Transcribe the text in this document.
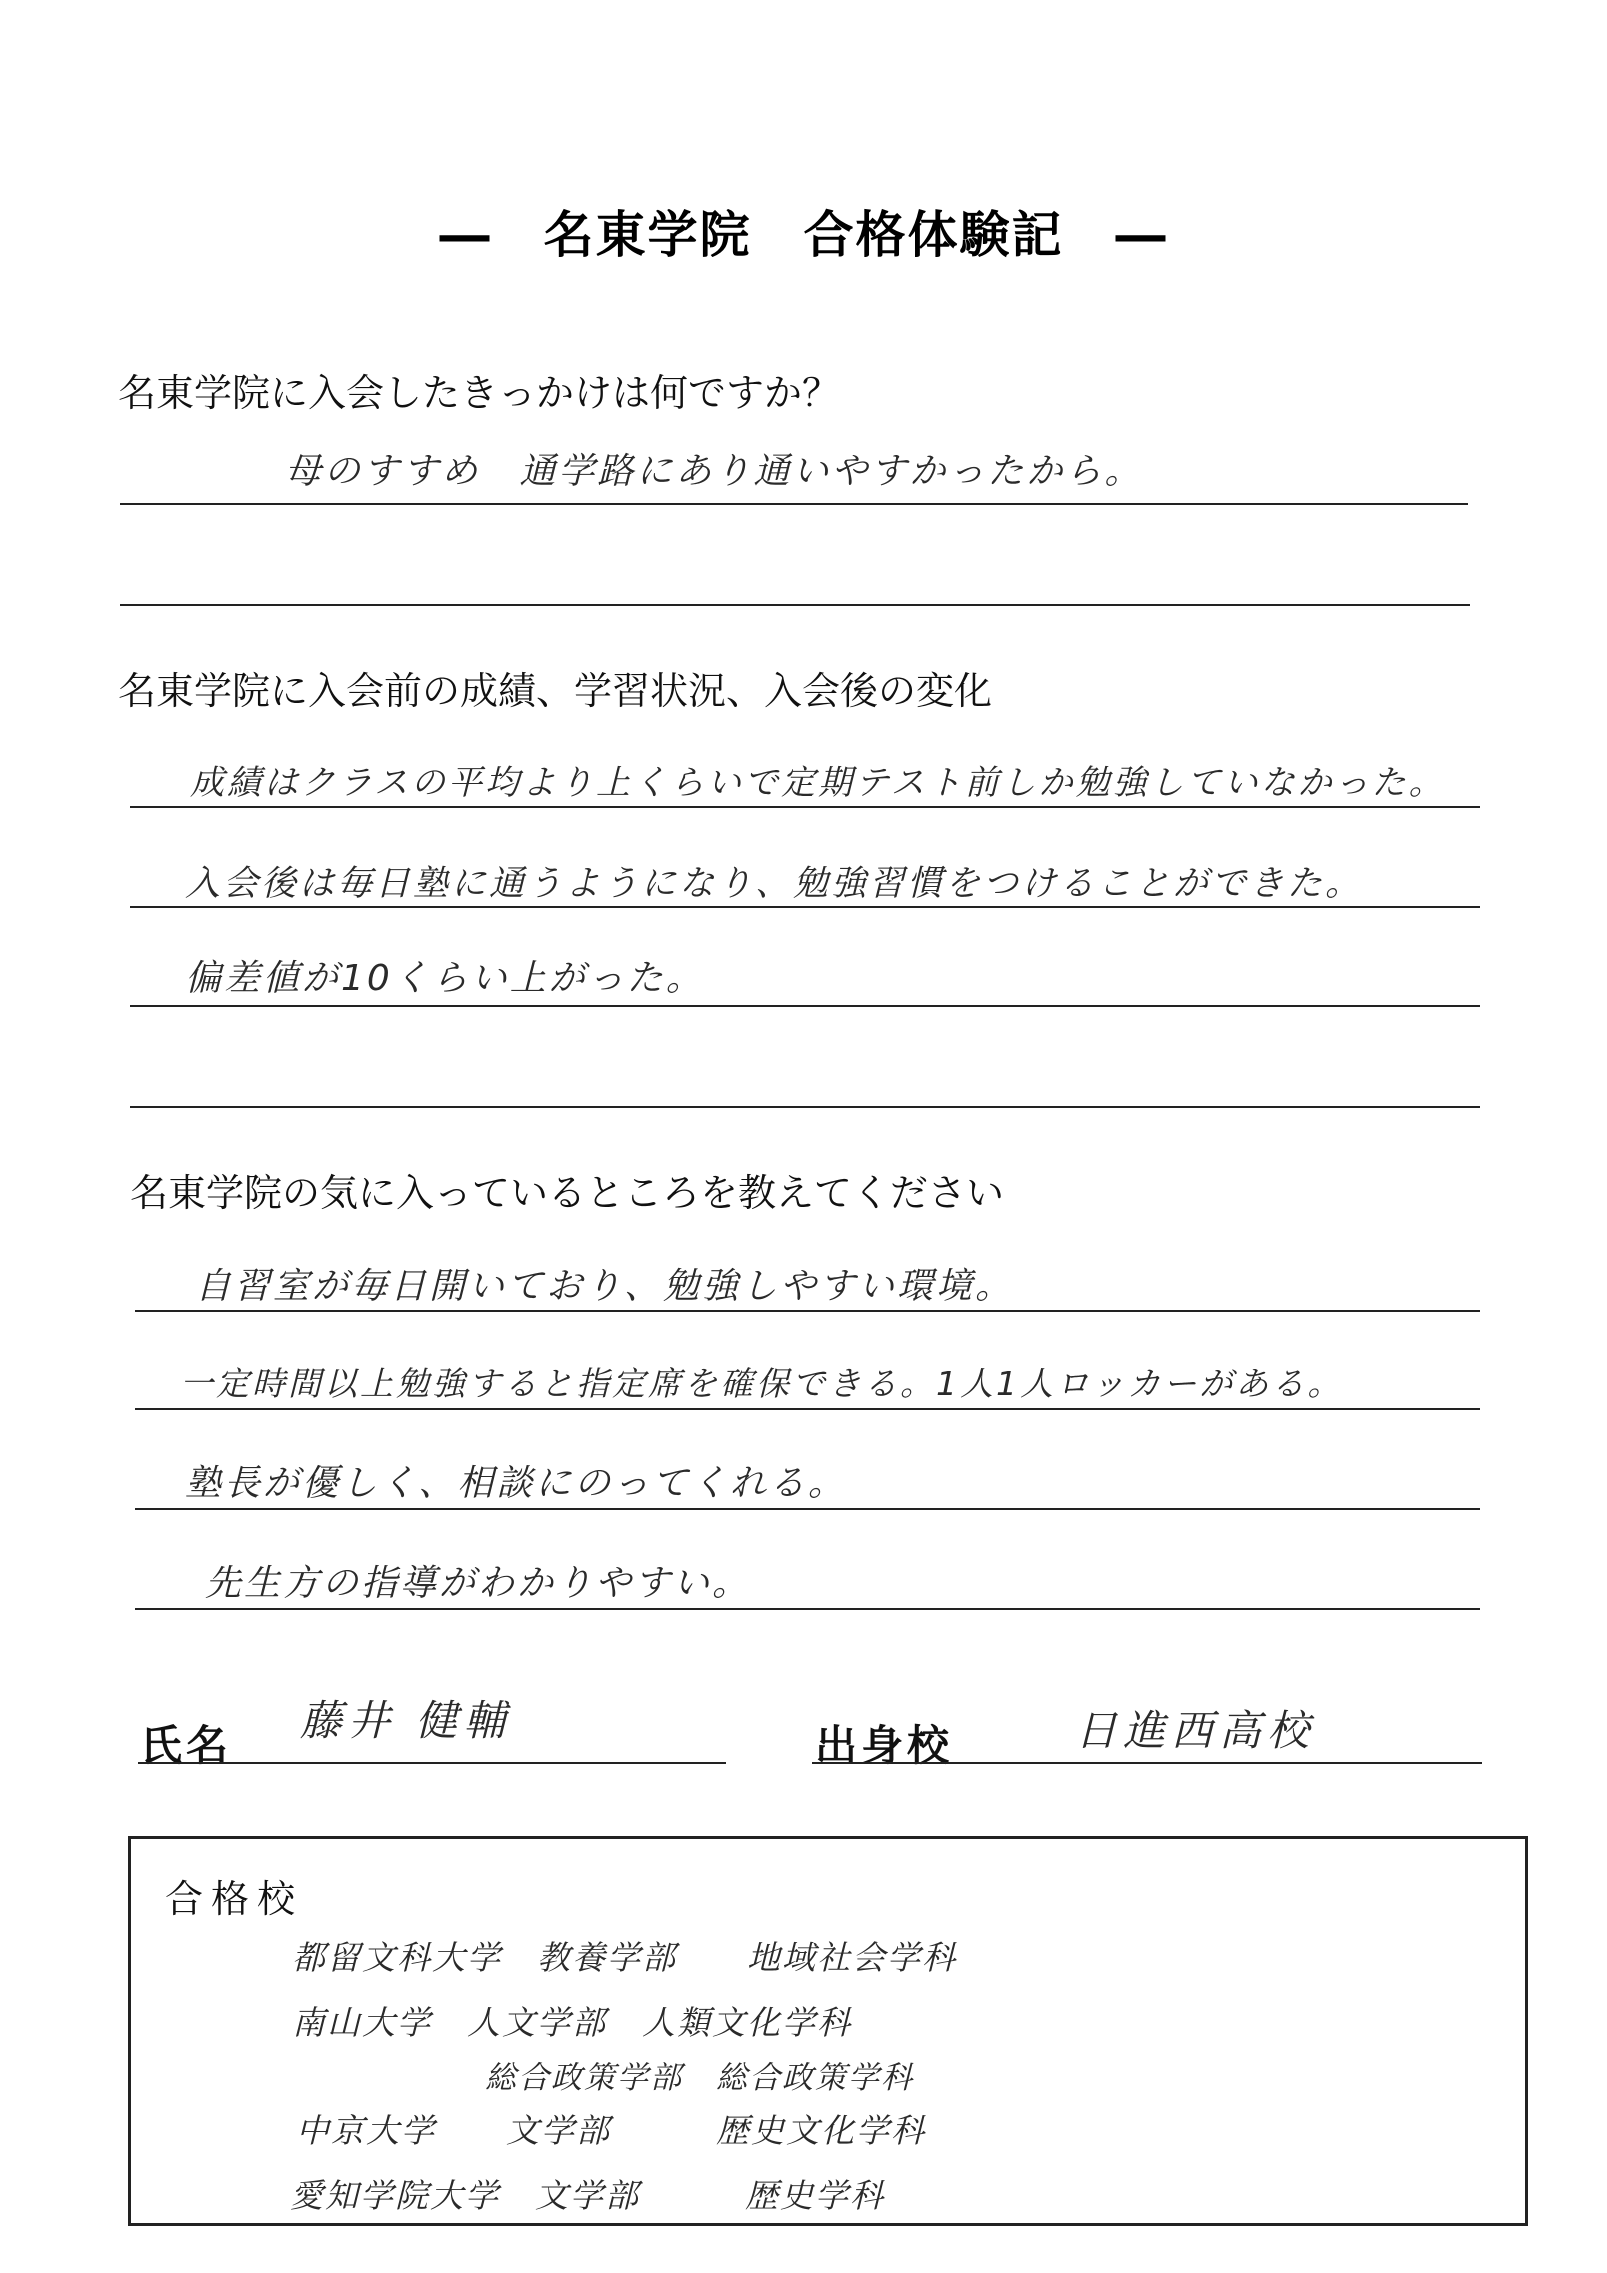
―　名東学院　合格体験記　―
名東学院に入会したきっかけは何ですか？
母のすすめ　通学路にあり通いやすかったから。
名東学院に入会前の成績、学習状況、入会後の変化
成績はクラスの平均より上くらいで定期テスト前しか勉強していなかった。
入会後は毎日塾に通うようになり、勉強習慣をつけることができた。
偏差値が10くらい上がった。
名東学院の気に入っているところを教えてください
自習室が毎日開いており、勉強しやすい環境。
一定時間以上勉強すると指定席を確保できる。1人1人ロッカーがある。
塾長が優しく、相談にのってくれる。
先生方の指導がわかりやすい。
氏名
藤井 健輔
出身校	日進西高校
合格校
都留文科大学　教養学部　　地域社会学科
南山大学　人文学部　人類文化学科
総合政策学部　総合政策学科
中京大学　　文学部　　　歴史文化学科
愛知学院大学　文学部　　　歴史学科
